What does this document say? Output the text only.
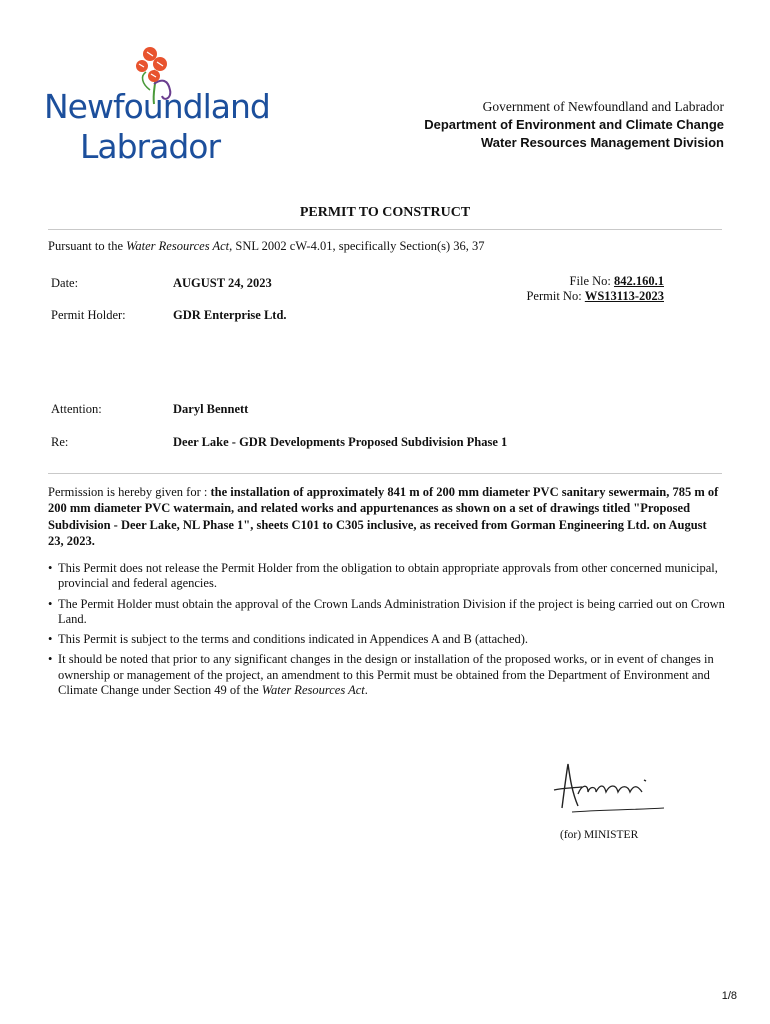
Newfoundland
Labrador
Government of Newfoundland and Labrador
Department of Environment and Climate Change
Water Resources Management Division
PERMIT TO CONSTRUCT
Pursuant to the Water Resources Act, SNL 2002 cW-4.01, specifically Section(s) 36, 37
Date:	AUGUST 24, 2023	File No: 842.160.1
Permit No: WS13113-2023
Permit Holder:	GDR Enterprise Ltd.
Attention:	Daryl Bennett
Re:	Deer Lake - GDR Developments Proposed Subdivision Phase 1
Permission is hereby given for : the installation of approximately 841 m of 200 mm diameter PVC sanitary sewermain, 785 m of 200 mm diameter PVC watermain, and related works and appurtenances as shown on a set of drawings titled "Proposed Subdivision - Deer Lake, NL Phase 1", sheets C101 to C305 inclusive, as received from Gorman Engineering Ltd. on August 23, 2023.
• This Permit does not release the Permit Holder from the obligation to obtain appropriate approvals from other concerned municipal, provincial and federal agencies.
• The Permit Holder must obtain the approval of the Crown Lands Administration Division if the project is being carried out on Crown Land.
• This Permit is subject to the terms and conditions indicated in Appendices A and B (attached).
• It should be noted that prior to any significant changes in the design or installation of the proposed works, or in event of changes in ownership or management of the project, an amendment to this Permit must be obtained from the Department of Environment and Climate Change under Section 49 of the Water Resources Act.
(for) MINISTER
1/8
